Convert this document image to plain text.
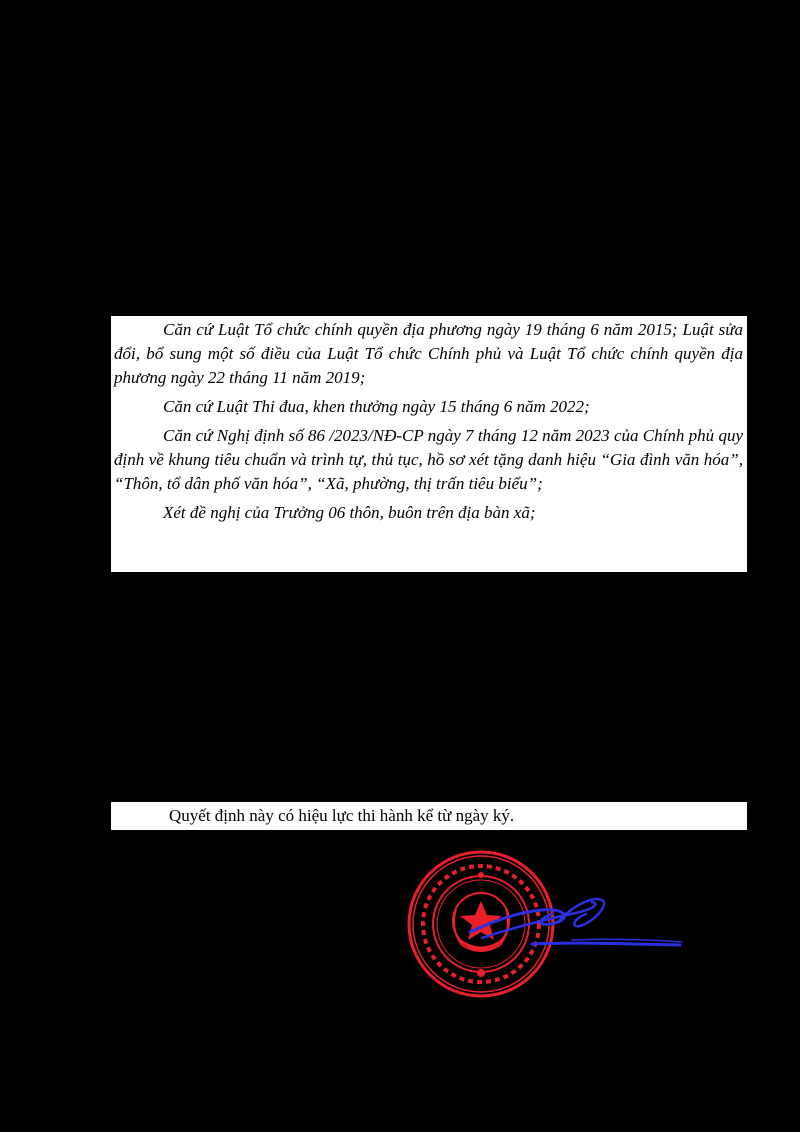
Căn cứ Luật Tổ chức chính quyền địa phương ngày 19 tháng 6 năm 2015; Luật sửa đổi, bổ sung một số điều của Luật Tổ chức Chính phủ và Luật Tổ chức chính quyền địa phương ngày 22 tháng 11 năm 2019;

Căn cứ Luật Thi đua, khen thưởng ngày 15 tháng 6 năm 2022;

Căn cứ Nghị định số 86 /2023/NĐ-CP ngày 7 tháng 12 năm 2023 của Chính phủ quy định về khung tiêu chuẩn và trình tự, thủ tục, hồ sơ xét tặng danh hiệu “Gia đình văn hóa”, “Thôn, tổ dân phố văn hóa”, “Xã, phường, thị trấn tiêu biểu”;

Xét đề nghị của Trưởng 06 thôn, buôn trên địa bàn xã;

Quyết định này có hiệu lực thi hành kể từ ngày ký.
